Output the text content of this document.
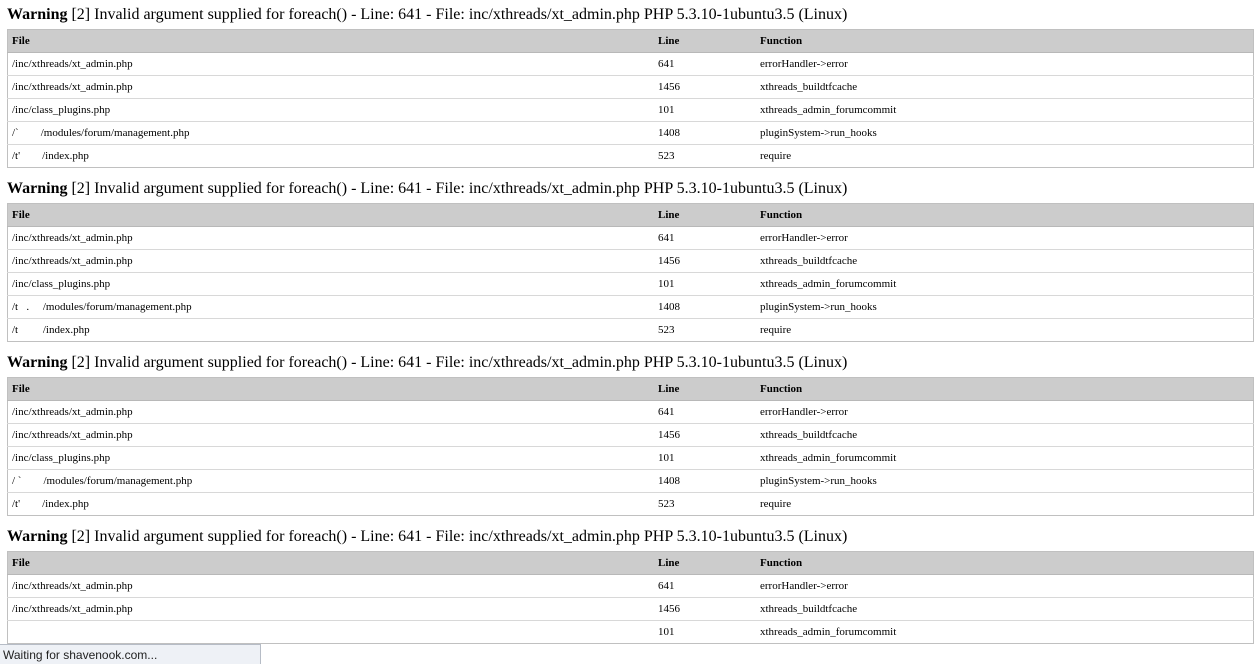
Warning [2] Invalid argument supplied for foreach() - Line: 641 - File: inc/xthreads/xt_admin.php PHP 5.3.10-1ubuntu3.5 (Linux)
File	Line	Function
/inc/xthreads/xt_admin.php	641	errorHandler->error
/inc/xthreads/xt_admin.php	1456	xthreads_buildtfcache
/inc/class_plugins.php	101	xthreads_admin_forumcommit
/`        /modules/forum/management.php	1408	pluginSystem->run_hooks
/t'        /index.php	523	require
Warning [2] Invalid argument supplied for foreach() - Line: 641 - File: inc/xthreads/xt_admin.php PHP 5.3.10-1ubuntu3.5 (Linux)
File	Line	Function
/inc/xthreads/xt_admin.php	641	errorHandler->error
/inc/xthreads/xt_admin.php	1456	xthreads_buildtfcache
/inc/class_plugins.php	101	xthreads_admin_forumcommit
/t   .     /modules/forum/management.php	1408	pluginSystem->run_hooks
/t         /index.php	523	require
Warning [2] Invalid argument supplied for foreach() - Line: 641 - File: inc/xthreads/xt_admin.php PHP 5.3.10-1ubuntu3.5 (Linux)
File	Line	Function
/inc/xthreads/xt_admin.php	641	errorHandler->error
/inc/xthreads/xt_admin.php	1456	xthreads_buildtfcache
/inc/class_plugins.php	101	xthreads_admin_forumcommit
/ `        /modules/forum/management.php	1408	pluginSystem->run_hooks
/t'        /index.php	523	require
Warning [2] Invalid argument supplied for foreach() - Line: 641 - File: inc/xthreads/xt_admin.php PHP 5.3.10-1ubuntu3.5 (Linux)
File	Line	Function
/inc/xthreads/xt_admin.php	641	errorHandler->error
/inc/xthreads/xt_admin.php	1456	xthreads_buildtfcache
	101	xthreads_admin_forumcommit
Waiting for shavenook.com...
